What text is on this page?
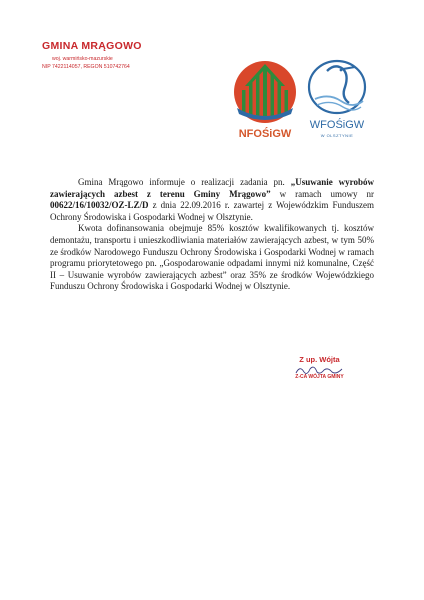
GMINA MRĄGOWO
woj. warmińsko-mazurskie
NIP 7422114057, REGON 510742764
NFOŚiGW
WFOŚiGW
W OLSZTYNIE

Gmina Mrągowo informuje o realizacji zadania pn. „Usuwanie wyrobów zawierających azbest z terenu Gminy Mrągowo” w ramach umowy nr 00622/16/10032/OZ-LZ/D z dnia 22.09.2016 r. zawartej z Wojewódzkim Funduszem Ochrony Środowiska i Gospodarki Wodnej w Olsztynie.

Kwota dofinansowania obejmuje 85% kosztów kwalifikowanych tj. kosztów demontażu, transportu i unieszkodliwiania materiałów zawierających azbest, w tym 50% ze środków Narodowego Funduszu Ochrony Środowiska i Gospodarki Wodnej w ramach programu priorytetowego pn. „Gospodarowanie odpadami innymi niż komunalne, Część II – Usuwanie wyrobów zawierających azbest” oraz 35% ze środków Wojewódzkiego Funduszu Ochrony Środowiska i Gospodarki Wodnej w Olsztynie.

Z up. Wójta
Z-CA WÓJTA GMINY
